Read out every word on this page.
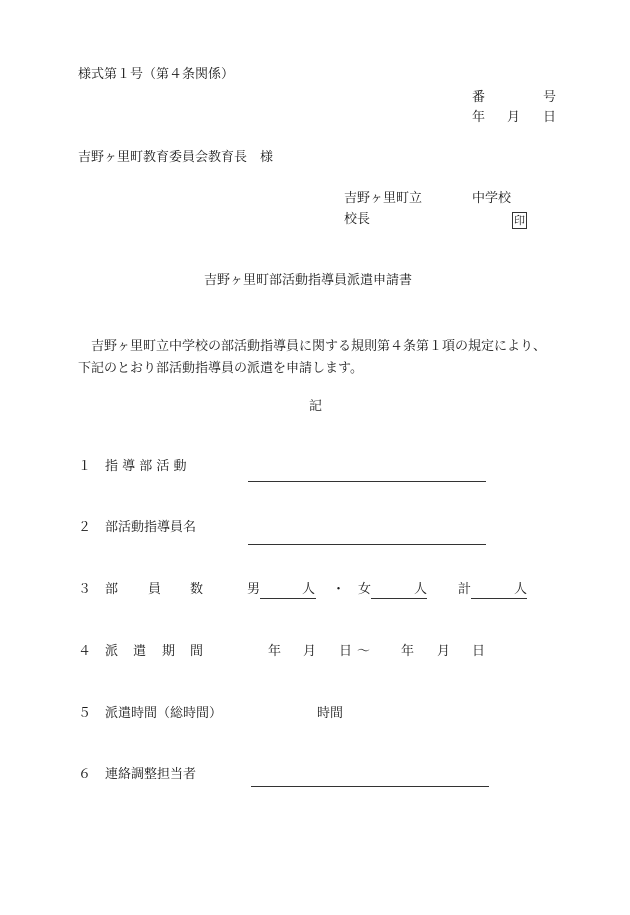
様式第１号（第４条関係）
番	号
年 月 日
吉野ヶ里町教育委員会教育長　様
吉野ヶ里町立	中学校
校長	印
吉野ヶ里町部活動指導員派遣申請書
吉野ヶ里町立中学校の部活動指導員に関する規則第４条第１項の規定により、下記のとおり部活動指導員の派遣を申請します。
記
１ 指 導 部 活 動
２ 部活動指導員名
３ 部 員 数	男	人 ・ 女	人 計	人
４ 派 遣 期 間	年 月 日 ～ 年 月 日
５ 派遣時間（総時間）	時間
６ 連絡調整担当者
